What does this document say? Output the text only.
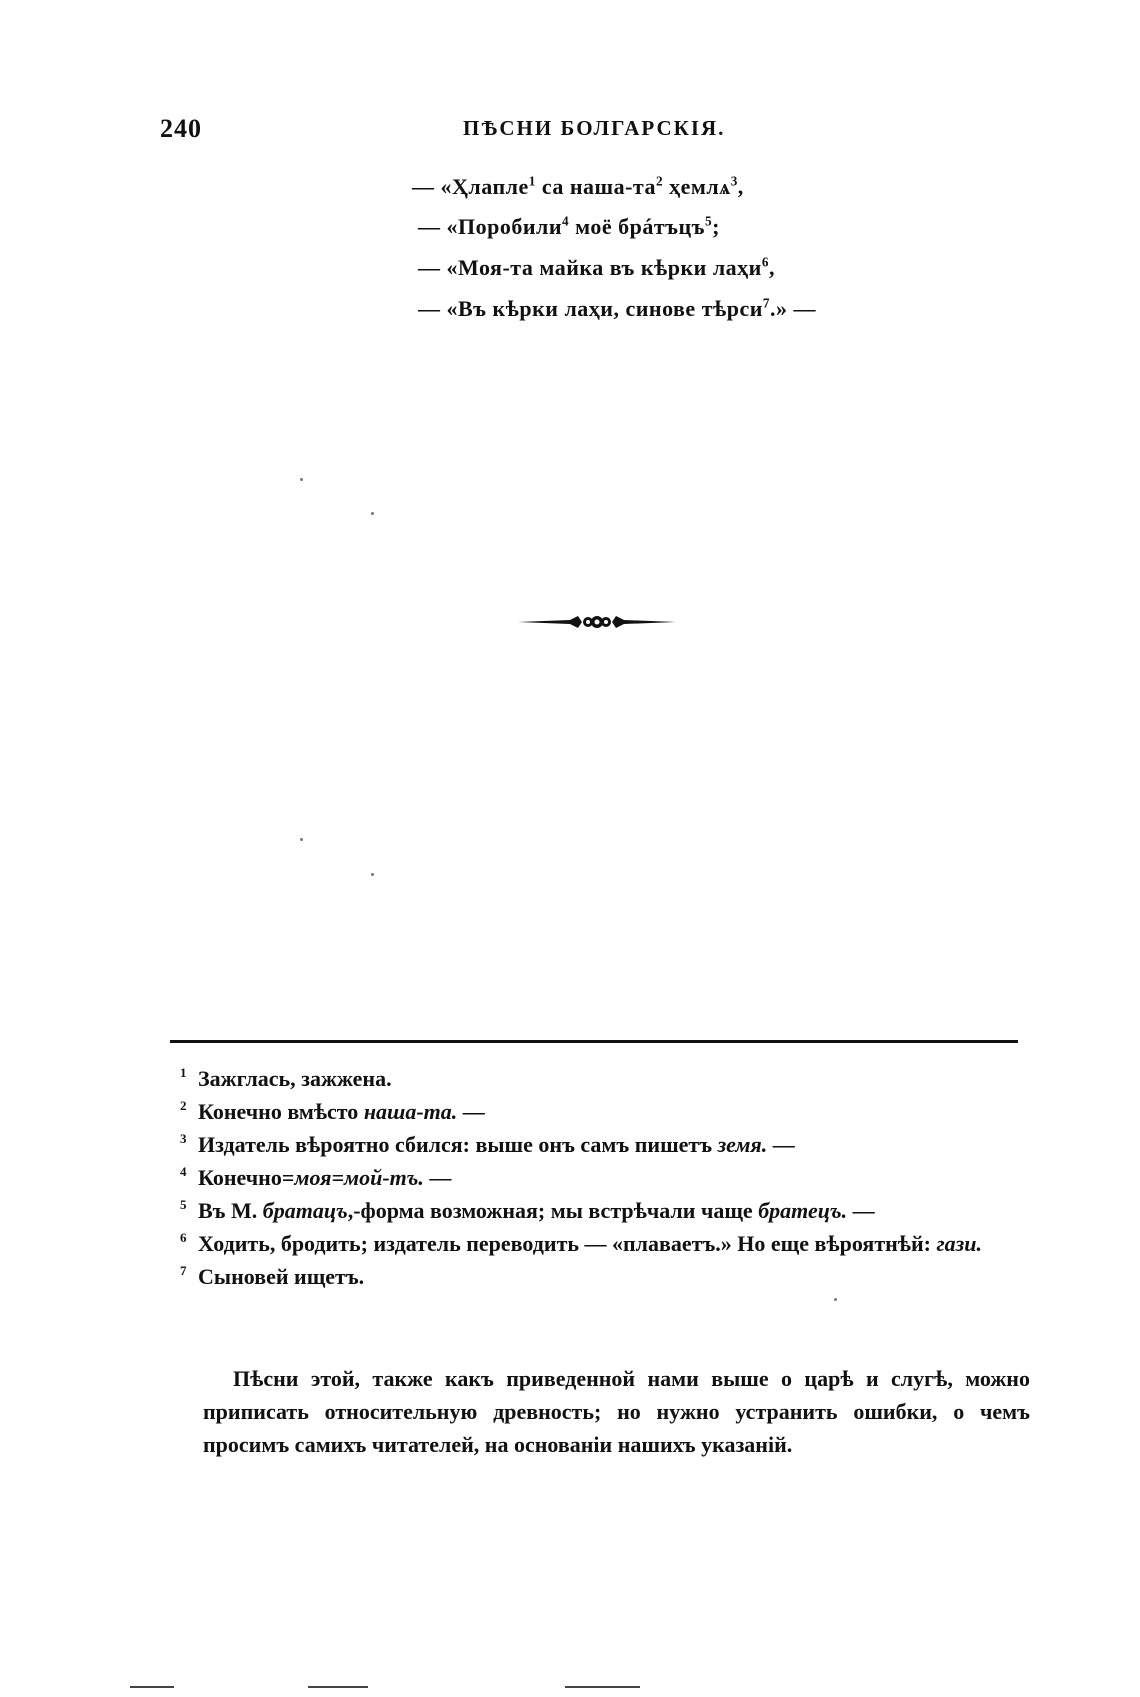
240	ПѢСНИ БОЛГАРСКІЯ.
— «Ҳлапле$^1$ са наша-$та^2$ ҳемлѧ$^3$,
— «Поробили$^4$ моё брáтъцъ$^5$;
— «Моя-та майка въ кѣрки лаҳи$^6$,
— «Въ кѣрки лаҳи, синове тѣрси$^7$.» —
1 Зажглась, зажжена.
2 Конечно вмѣсто наша-та. —
3 Издатель вѣроятно сбился: выше онъ самъ пишетъ земя. —
4 Конечно=моя=мой-тъ. —
5 Въ М. братацъ,-форма возможная; мы встрѣчали чаще братецъ. —
6 Ходить, бродить; издатель переводить — «плаваетъ.» Но еще вѣроятнѣй: гази.
7 Сыновей ищетъ.
Пѣсни этой, также какъ приведенной нами выше о царѣ и слугѣ, можно приписать относительную древность; но нужно устранить ошибки, о чемъ просимъ самихъ читателей, на основаніи нашихъ указаній.
